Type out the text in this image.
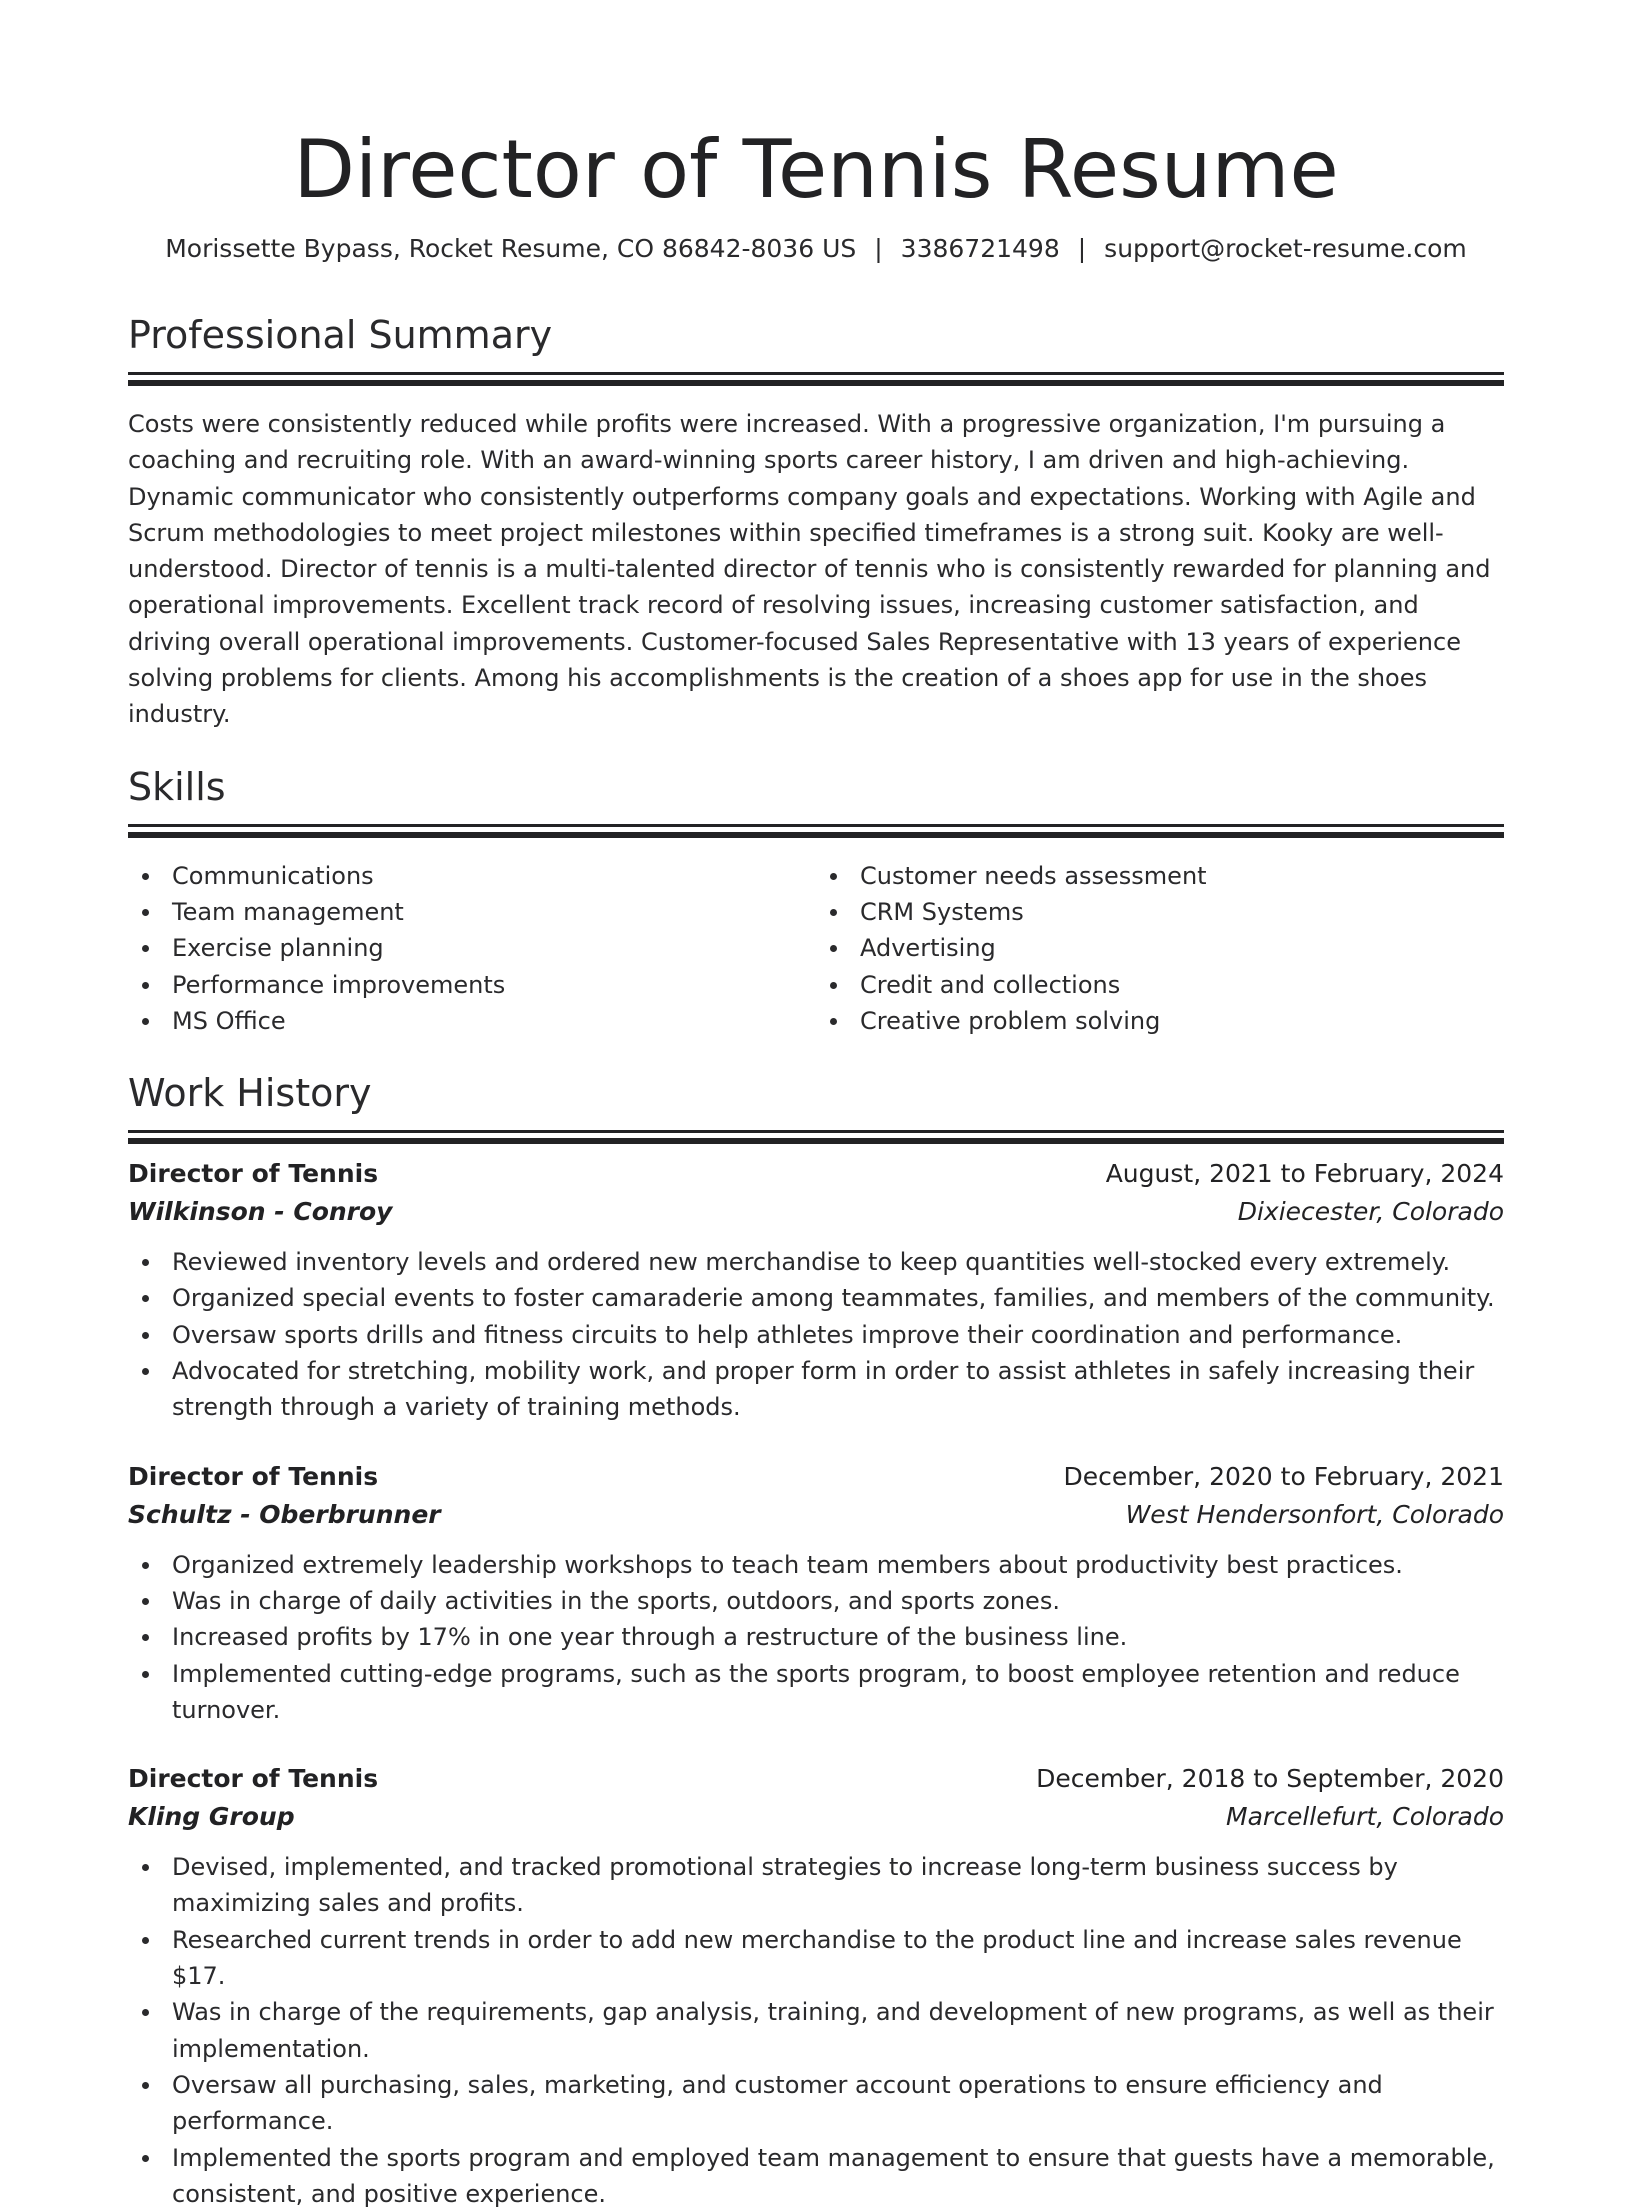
Director of Tennis Resume
Morissette Bypass, Rocket Resume, CO 86842-8036 US | 3386721498 | support@rocket-resume.com
Professional Summary

Costs were consistently reduced while profits were increased. With a progressive organization, I'm pursuing a coaching and recruiting role. With an award-winning sports career history, I am driven and high-achieving. Dynamic communicator who consistently outperforms company goals and expectations. Working with Agile and Scrum methodologies to meet project milestones within specified timeframes is a strong suit. Kooky are well-understood. Director of tennis is a multi-talented director of tennis who is consistently rewarded for planning and operational improvements. Excellent track record of resolving issues, increasing customer satisfaction, and driving overall operational improvements. Customer-focused Sales Representative with 13 years of experience solving problems for clients. Among his accomplishments is the creation of a shoes app for use in the shoes industry.

Skills
Communications
Team management
Exercise planning
Performance improvements
MS Office
Customer needs assessment
CRM Systems
Advertising
Credit and collections
Creative problem solving
Work History
Director of Tennis	August, 2021 to February, 2024
Wilkinson - Conroy	Dixiecester, Colorado
Reviewed inventory levels and ordered new merchandise to keep quantities well-stocked every extremely.
Organized special events to foster camaraderie among teammates, families, and members of the community.
Oversaw sports drills and fitness circuits to help athletes improve their coordination and performance.
Advocated for stretching, mobility work, and proper form in order to assist athletes in safely increasing their strength through a variety of training methods.
Director of Tennis	December, 2020 to February, 2021
Schultz - Oberbrunner	West Hendersonfort, Colorado
Organized extremely leadership workshops to teach team members about productivity best practices.
Was in charge of daily activities in the sports, outdoors, and sports zones.
Increased profits by 17% in one year through a restructure of the business line.
Implemented cutting-edge programs, such as the sports program, to boost employee retention and reduce turnover.
Director of Tennis	December, 2018 to September, 2020
Kling Group	Marcellefurt, Colorado
Devised, implemented, and tracked promotional strategies to increase long-term business success by maximizing sales and profits.
Researched current trends in order to add new merchandise to the product line and increase sales revenue $17.
Was in charge of the requirements, gap analysis, training, and development of new programs, as well as their implementation.
Oversaw all purchasing, sales, marketing, and customer account operations to ensure efficiency and performance.
Implemented the sports program and employed team management to ensure that guests have a memorable, consistent, and positive experience.
